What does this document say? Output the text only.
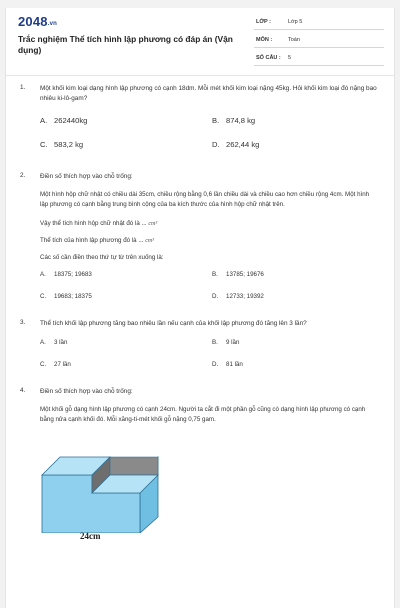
2048.vn
Trắc nghiệm Thể tích hình lập phương có đáp án (Vận dụng)
LỚP :	Lớp 5
MÔN :	Toán
SỐ CÂU : 5
1. Một khối kim loại dạng hình lập phương có cạnh 18dm. Mỗi mét khối kim loại nặng 45kg. Hỏi khối kim loại đó nặng bao nhiêu ki-lô-gam?
A. 262440kg	B. 874,8 kg
C. 583,2 kg	D. 262,44 kg
2. Điền số thích hợp vào chỗ trống:
Một hình hộp chữ nhật có chiều dài 35cm, chiều rộng bằng 0,6 lần chiều dài và chiều cao hơn chiều rộng 4cm. Một hình lập phương có cạnh bằng trung bình cộng của ba kích thước của hình hộp chữ nhật trên.
Vậy thể tích hình hộp chữ nhật đó là ... cm³
Thể tích của hình lập phương đó là ... cm³
Các số cần điền theo thứ tự từ trên xuống là:
A. 18375; 19683	B. 13785; 19676
C. 19683; 18375	D. 12733; 19392
3. Thể tích khối lập phương tăng bao nhiêu lần nếu cạnh của khối lập phương đó tăng lên 3 lần?
A. 3 lần	B. 9 lần
C. 27 lần	D. 81 lần
4. Điền số thích hợp vào chỗ trống:
Một khối gỗ dạng hình lập phương có cạnh 24cm. Người ta cắt đi một phần gỗ cũng có dạng hình lập phương có cạnh bằng nửa cạnh khối đó. Mỗi xăng-ti-mét khối gỗ nặng 0,75 gam.
24cm
